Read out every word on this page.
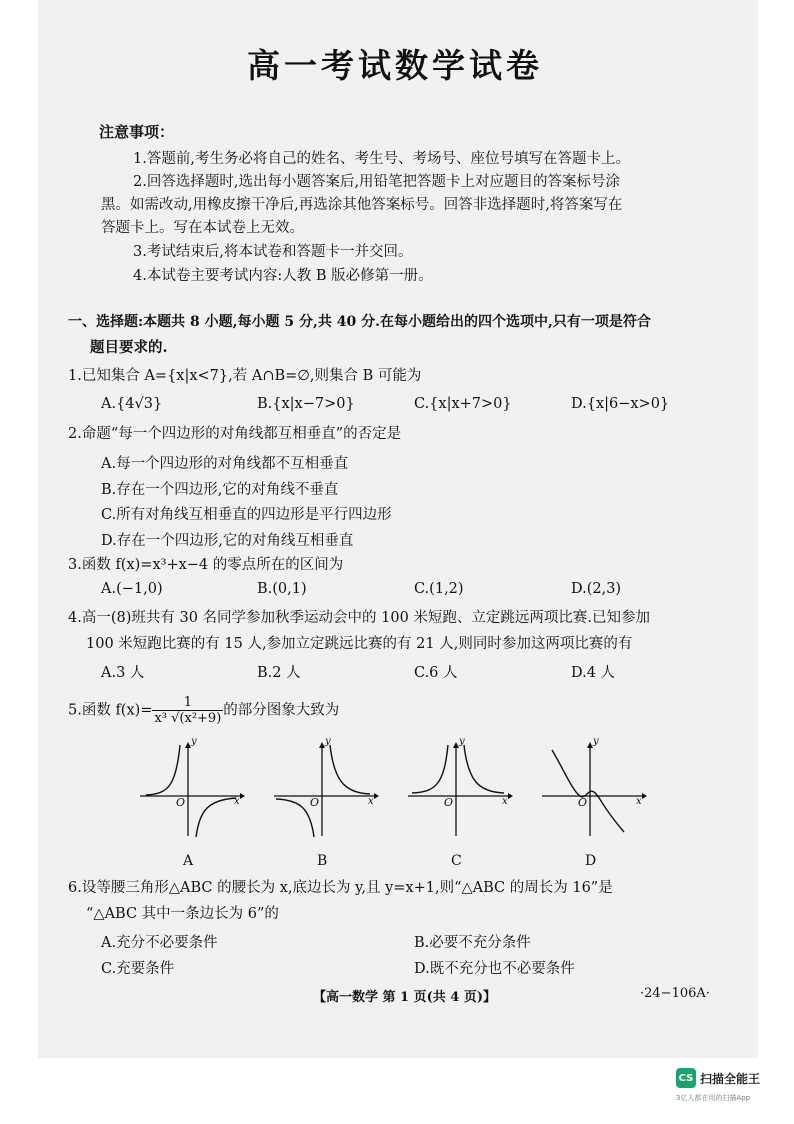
高一考试数学试卷
注意事项：
1.答题前,考生务必将自己的姓名、考生号、考场号、座位号填写在答题卡上。
2.回答选择题时,选出每小题答案后,用铅笔把答题卡上对应题目的答案标号涂
黑。如需改动,用橡皮擦干净后,再选涂其他答案标号。回答非选择题时,将答案写在
答题卡上。写在本试卷上无效。
3.考试结束后,将本试卷和答题卡一并交回。
4.本试卷主要考试内容:人教 B 版必修第一册。
一、选择题:本题共 8 小题,每小题 5 分,共 40 分.在每小题给出的四个选项中,只有一项是符合
题目要求的.
1.已知集合 A={x|x<7},若 A∩B=∅,则集合 B 可能为
A.{4√3}	B.{x|x−7>0}	C.{x|x+7>0}	D.{x|6−x>0}
2.命题“每一个四边形的对角线都互相垂直”的否定是
A.每一个四边形的对角线都不互相垂直
B.存在一个四边形,它的对角线不垂直
C.所有对角线互相垂直的四边形是平行四边形
D.存在一个四边形,它的对角线互相垂直
3.函数 f(x)=x³+x−4 的零点所在的区间为
A.(−1,0)	B.(0,1)	C.(1,2)	D.(2,3)
4.高一(8)班共有 30 名同学参加秋季运动会中的 100 米短跑、立定跳远两项比赛.已知参加
100 米短跑比赛的有 15 人,参加立定跳远比赛的有 21 人,则同时参加这两项比赛的有
A.3 人	B.2 人	C.6 人	D.4 人
5.函数 $f(x)= \frac{1}{\text{x³ √(x²+9)}}$ 的部分图象大致为
y
x
O
A
y
x
O
B
y
x
O
C
y
x
O
D
6.设等腰三角形△ABC 的腰长为 x,底边长为 y,且 y=x+1,则“△ABC 的周长为 16”是
“△ABC 其中一条边长为 6”的
A.充分不必要条件	B.必要不充分条件
C.充要条件	D.既不充分也不必要条件
【高一数学 第 1 页(共 4 页)】	·24−106A·
CS 扫描全能王
3亿人都在用的扫描App
